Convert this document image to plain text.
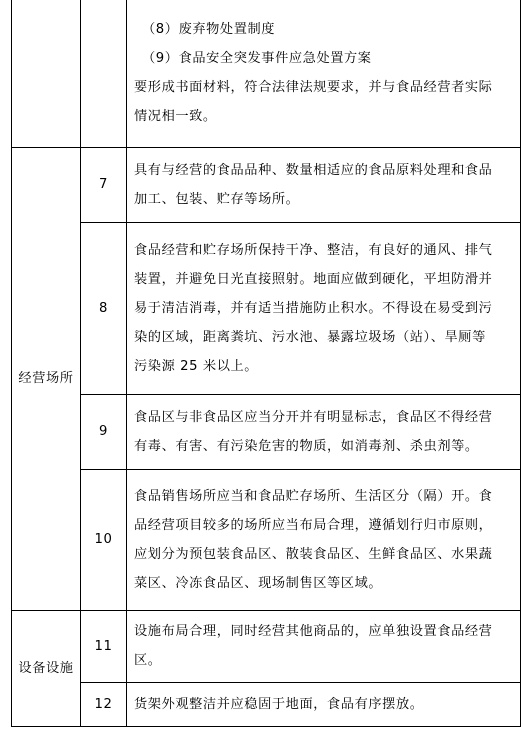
		（8）废弃物处置制度
（9）食品安全突发事件应急处置方案
要形成书面材料，符合法律法规要求，并与食品经营者实际
情况相一致。

经营场所	7	具有与经营的食品品种、数量相适应的食品原料处理和食品
加工、包装、贮存等场所。

	8	食品经营和贮存场所保持干净、整洁，有良好的通风、排气
装置，并避免日光直接照射。地面应做到硬化，平坦防滑并
易于清洁消毒，并有适当措施防止积水。不得设在易受到污
染的区域，距离粪坑、污水池、暴露垃圾场（站）、旱厕等
污染源 25 米以上。

	9	食品区与非食品区应当分开并有明显标志，食品区不得经营
有毒、有害、有污染危害的物质，如消毒剂、杀虫剂等。

	10	食品销售场所应当和食品贮存场所、生活区分（隔）开。食
品经营项目较多的场所应当布局合理，遵循划行归市原则，
应划分为预包装食品区、散装食品区、生鲜食品区、水果蔬
菜区、冷冻食品区、现场制售区等区域。

设备设施	11	设施布局合理，同时经营其他商品的，应单独设置食品经营
区。

	12	货架外观整洁并应稳固于地面，食品有序摆放。
